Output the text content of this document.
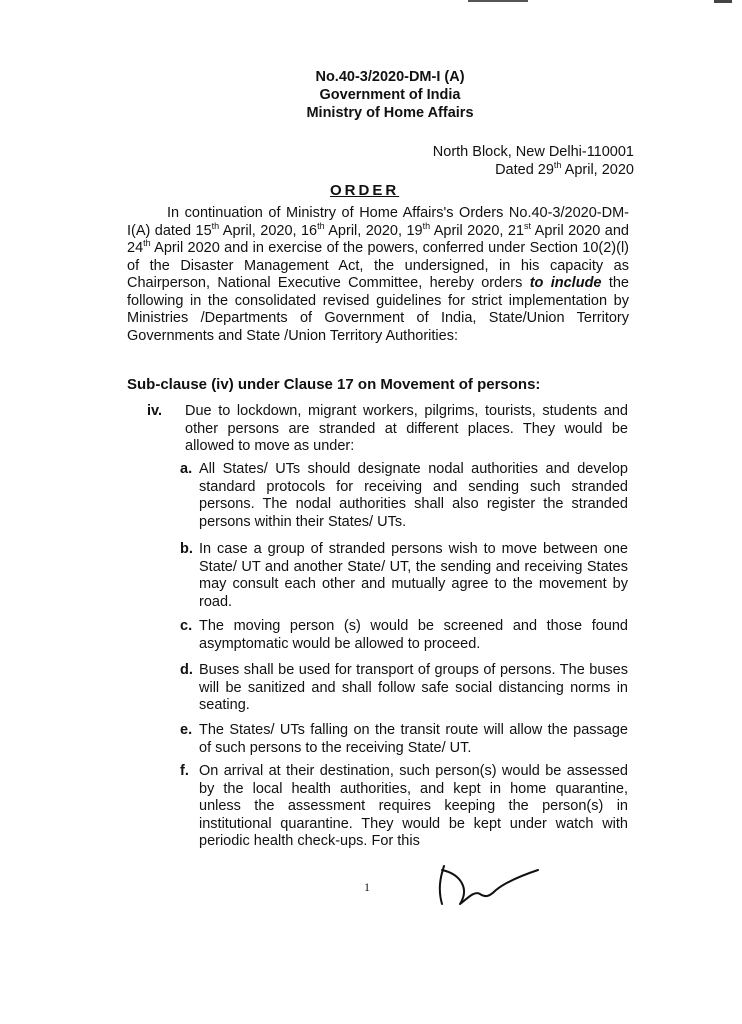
No.40-3/2020-DM-I (A)
Government of India
Ministry of Home Affairs
North Block, New Delhi-110001
Dated 29th April, 2020
ORDER
In continuation of Ministry of Home Affairs's Orders No.40-3/2020-DM-I(A) dated 15th April, 2020, 16th April, 2020, 19th April 2020, 21st April 2020 and 24th April 2020 and in exercise of the powers, conferred under Section 10(2)(l) of the Disaster Management Act, the undersigned, in his capacity as Chairperson, National Executive Committee, hereby orders to include the following in the consolidated revised guidelines for strict implementation by Ministries /Departments of Government of India, State/Union Territory Governments and State /Union Territory Authorities:
Sub-clause (iv) under Clause 17 on Movement of persons:
iv. Due to lockdown, migrant workers, pilgrims, tourists, students and other persons are stranded at different places. They would be allowed to move as under:
a. All States/ UTs should designate nodal authorities and develop standard protocols for receiving and sending such stranded persons. The nodal authorities shall also register the stranded persons within their States/ UTs.
b. In case a group of stranded persons wish to move between one State/ UT and another State/ UT, the sending and receiving States may consult each other and mutually agree to the movement by road.
c. The moving person (s) would be screened and those found asymptomatic would be allowed to proceed.
d. Buses shall be used for transport of groups of persons. The buses will be sanitized and shall follow safe social distancing norms in seating.
e. The States/ UTs falling on the transit route will allow the passage of such persons to the receiving State/ UT.
f. On arrival at their destination, such person(s) would be assessed by the local health authorities, and kept in home quarantine, unless the assessment requires keeping the person(s) in institutional quarantine. They would be kept under watch with periodic health check-ups. For this
1
